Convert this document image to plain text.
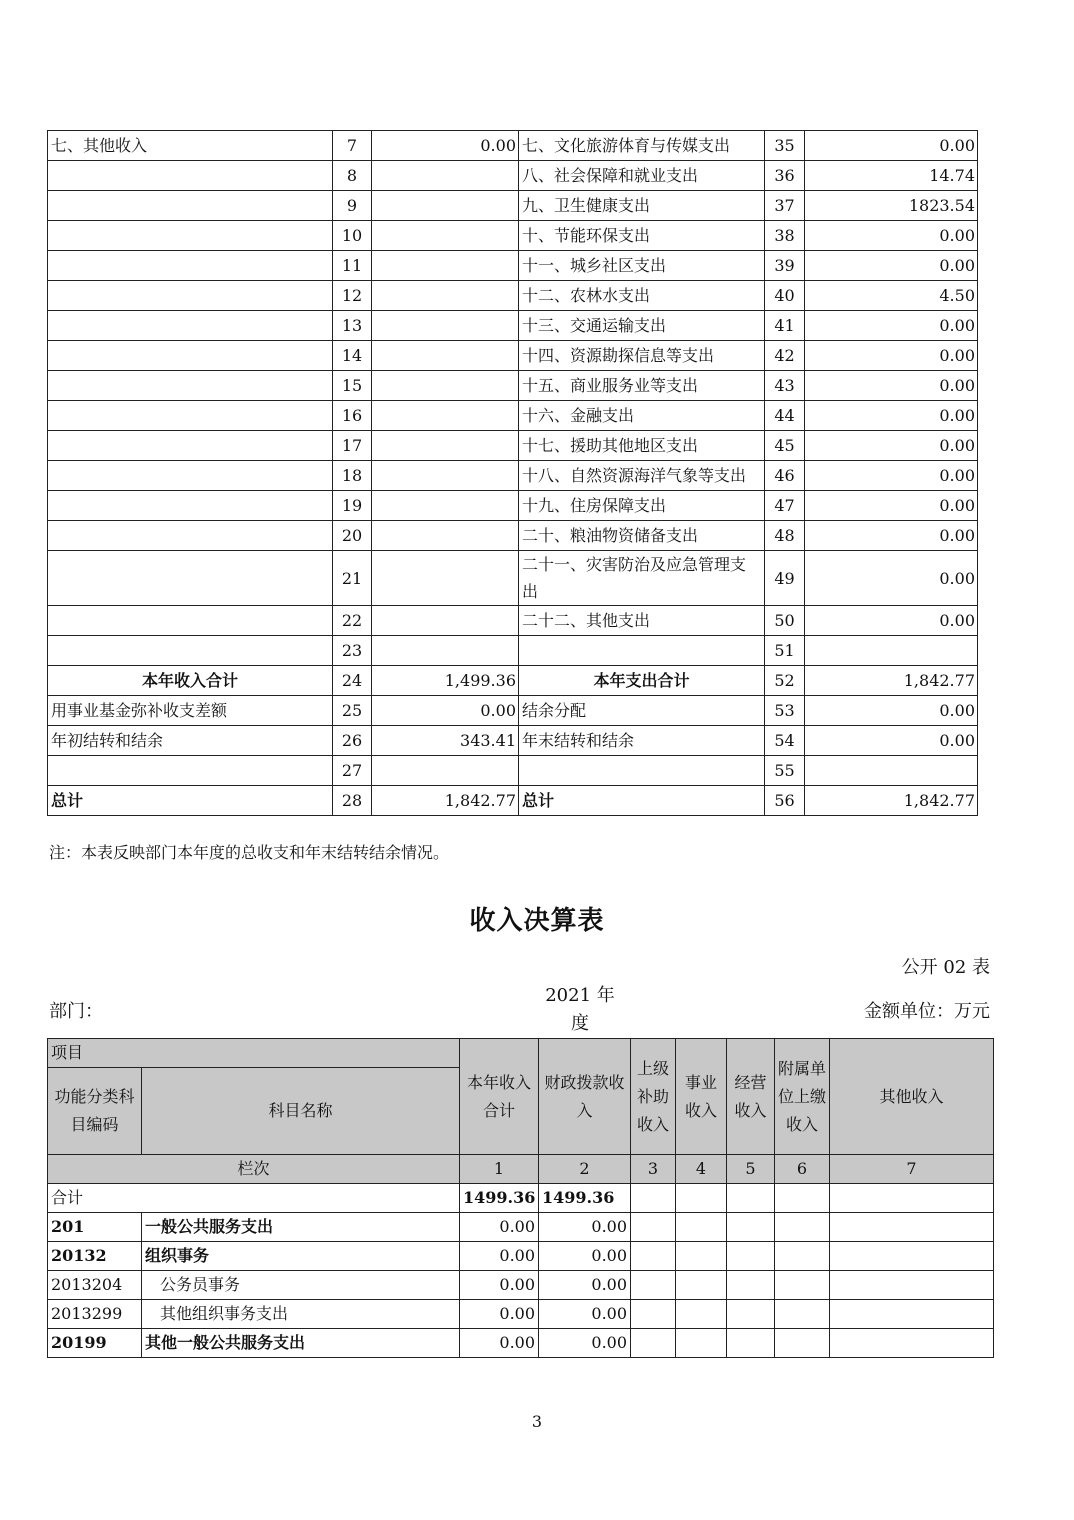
七、其他收入	7	0.00	七、文化旅游体育与传媒支出	35	0.00
	8		八、社会保障和就业支出	36	14.74
	9		九、卫生健康支出	37	1823.54
	10		十、节能环保支出	38	0.00
	11		十一、城乡社区支出	39	0.00
	12		十二、农林水支出	40	4.50
	13		十三、交通运输支出	41	0.00
	14		十四、资源勘探信息等支出	42	0.00
	15		十五、商业服务业等支出	43	0.00
	16		十六、金融支出	44	0.00
	17		十七、援助其他地区支出	45	0.00
	18		十八、自然资源海洋气象等支出	46	0.00
	19		十九、住房保障支出	47	0.00
	20		二十、粮油物资储备支出	48	0.00
	21		二十一、灾害防治及应急管理支出	49	0.00
	22		二十二、其他支出	50	0.00
	23			51	
本年收入合计	24	1,499.36	本年支出合计	52	1,842.77
用事业基金弥补收支差额	25	0.00	结余分配	53	0.00
年初结转和结余	26	343.41	年末结转和结余	54	0.00
	27			55	
总计	28	1,842.77	总计	56	1,842.77
注：本表反映部门本年度的总收支和年末结转结余情况。
收入决算表
公开 02 表
部门：
2021 年度
金额单位：万元
项目		本年收入合计	财政拨款收入	上级补助收入	事业收入	经营收入	附属单位上缴收入	其他收入
功能分类科目编码	科目名称							
栏次		1	2	3	4	5	6	7
合计		1499.36	1499.36					
201	一般公共服务支出	0.00	0.00					
20132	组织事务	0.00	0.00					
2013204	公务员事务	0.00	0.00					
2013299	其他组织事务支出	0.00	0.00					
20199	其他一般公共服务支出	0.00	0.00					
3
